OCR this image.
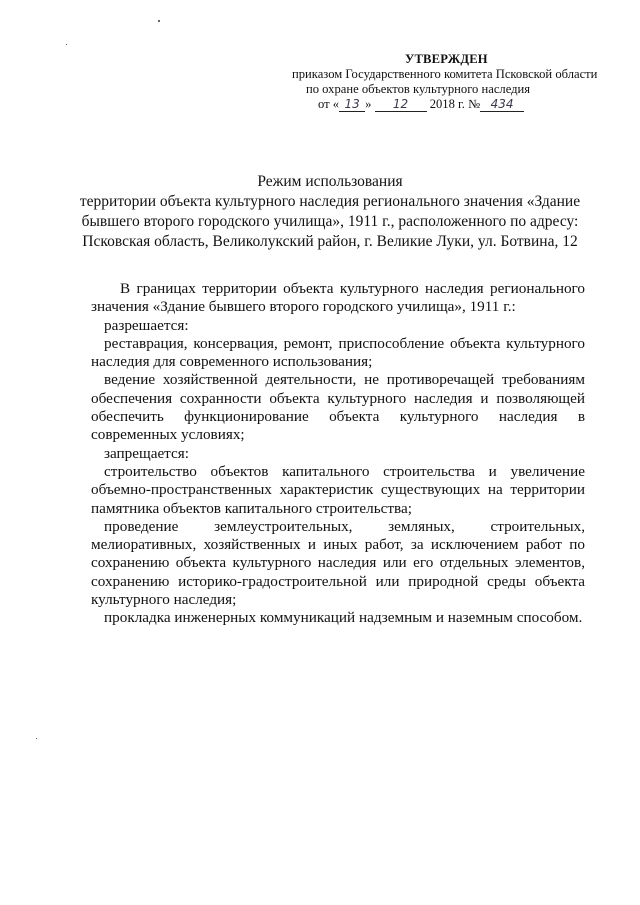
УТВЕРЖДЕН
приказом Государственного комитета Псковской области
по охране объектов культурного наследия
от « 13 » 12 2018 г. № 434
Режим использования
территории объекта культурного наследия регионального значения «Здание
бывшего второго городского училища», 1911 г., расположенного по адресу:
Псковская область, Великолукский район, г. Великие Луки, ул. Ботвина, 12

В границах территории объекта культурного наследия регионального значения «Здание бывшего второго городского училища», 1911 г.:

разрешается:

реставрация, консервация, ремонт, приспособление объекта культурного наследия для современного использования;

ведение хозяйственной деятельности, не противоречащей требованиям обеспечения сохранности объекта культурного наследия и позволяющей обеспечить функционирование объекта культурного наследия в современных условиях;

запрещается:

строительство объектов капитального строительства и увеличение объемно-пространственных характеристик существующих на территории памятника объектов капитального строительства;

проведение землеустроительных, земляных, строительных, мелиоративных, хозяйственных и иных работ, за исключением работ по сохранению объекта культурного наследия или его отдельных элементов, сохранению историко-градостроительной или природной среды объекта культурного наследия;

прокладка инженерных коммуникаций надземным и наземным способом.
